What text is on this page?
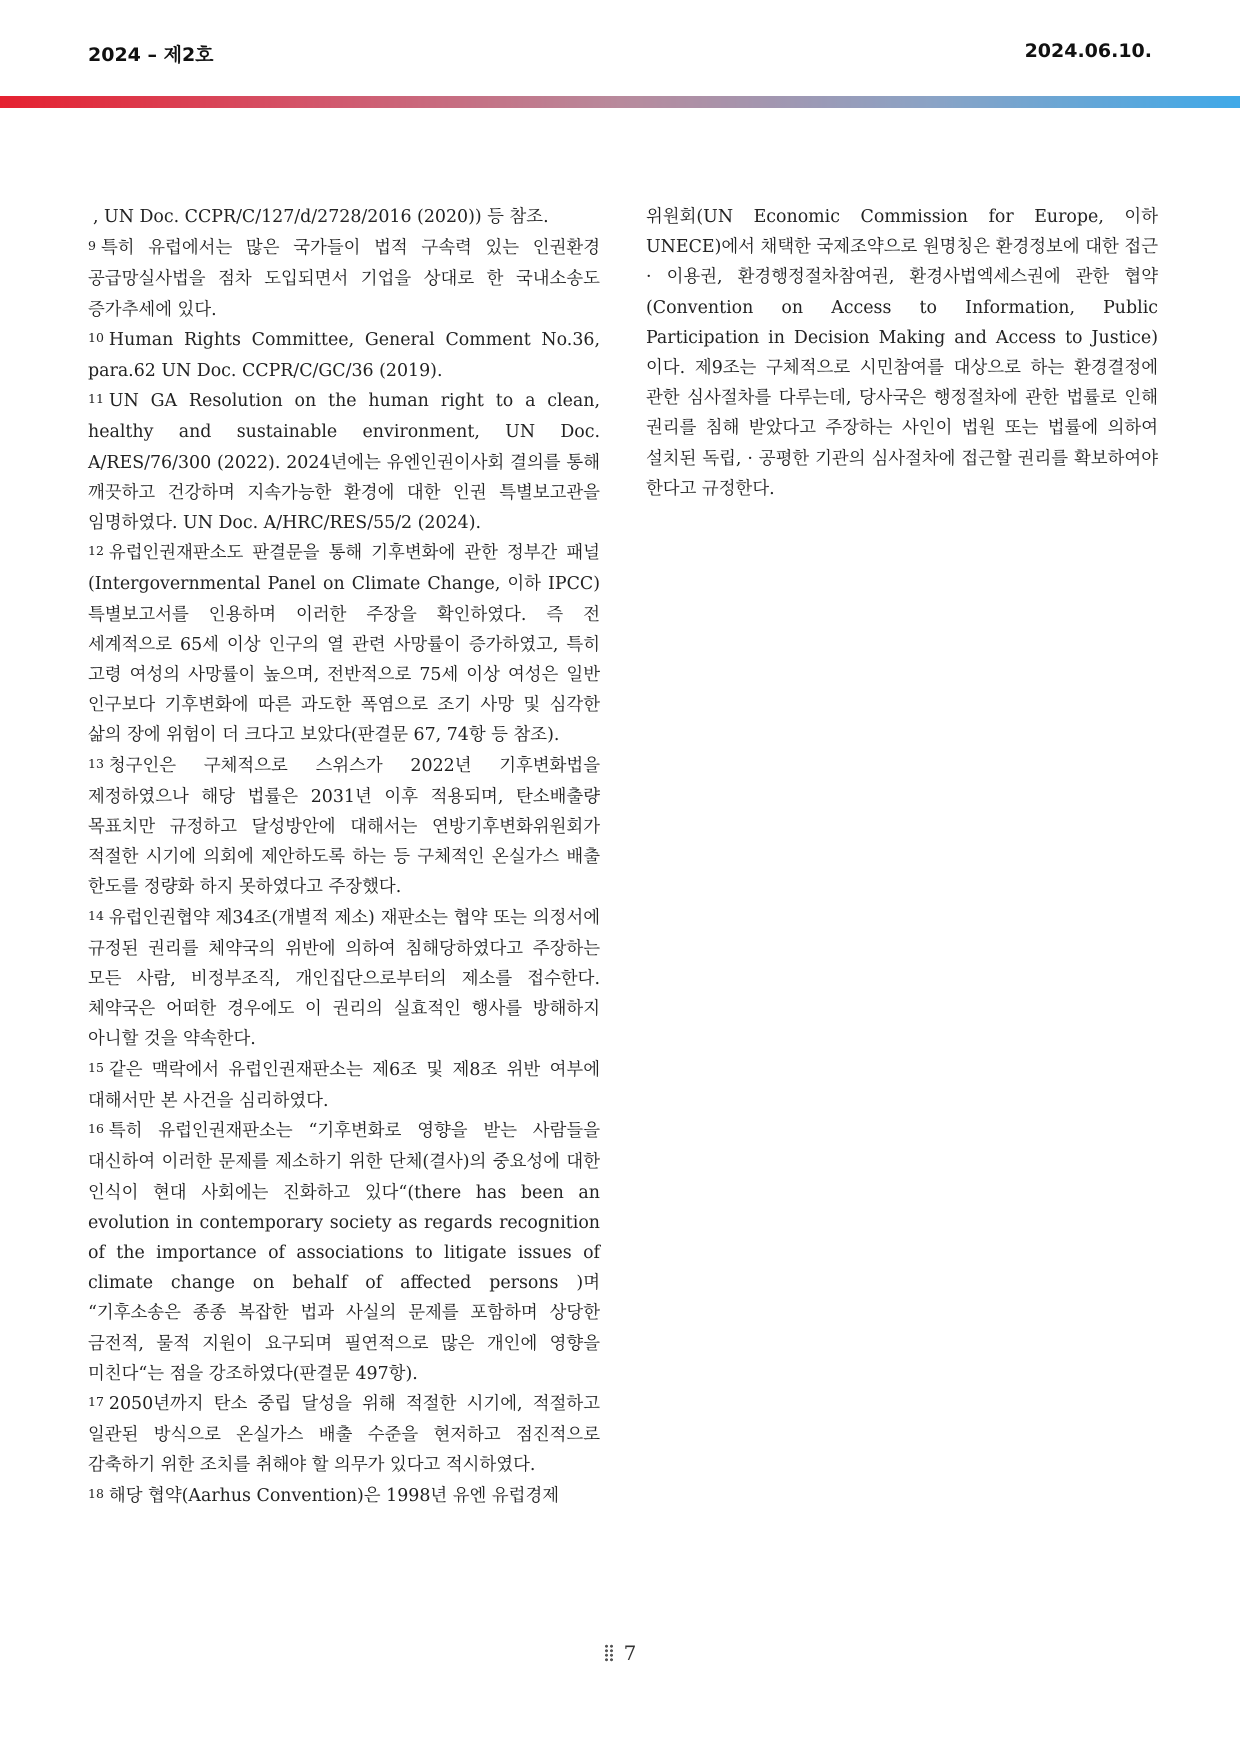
2024 – 제2호	2024.06.10.

, UN Doc. CCPR/C/127/d/2728/2016 (2020)) 등 참조.

9 특히 유럽에서는 많은 국가들이 법적 구속력 있는 인권환경 공급망실사법을 점차 도입되면서 기업을 상대로 한 국내소송도 증가추세에 있다.

10 Human Rights Committee, General Comment No.36, para.62 UN Doc. CCPR/C/GC/36 (2019).

11 UN GA Resolution on the human right to a clean, healthy and sustainable environment, UN Doc. A/RES/76/300 (2022). 2024년에는 유엔인권이사회 결의를 통해 깨끗하고 건강하며 지속가능한 환경에 대한 인권 특별보고관을 임명하였다. UN Doc. A/HRC/RES/55/2 (2024).

12 유럽인권재판소도 판결문을 통해 기후변화에 관한 정부간 패널(Intergovernmental Panel on Climate Change, 이하 IPCC) 특별보고서를 인용하며 이러한 주장을 확인하였다. 즉 전 세계적으로 65세 이상 인구의 열 관련 사망률이 증가하였고, 특히 고령 여성의 사망률이 높으며, 전반적으로 75세 이상 여성은 일반 인구보다 기후변화에 따른 과도한 폭염으로 조기 사망 및 심각한 삶의 장에 위험이 더 크다고 보았다(판결문 67, 74항 등 참조).

13 청구인은 구체적으로 스위스가 2022년 기후변화법을 제정하였으나 해당 법률은 2031년 이후 적용되며, 탄소배출량 목표치만 규정하고 달성방안에 대해서는 연방기후변화위원회가 적절한 시기에 의회에 제안하도록 하는 등 구체적인 온실가스 배출 한도를 정량화 하지 못하였다고 주장했다.

14 유럽인권협약 제34조(개별적 제소) 재판소는 협약 또는 의정서에 규정된 권리를 체약국의 위반에 의하여 침해당하였다고 주장하는 모든 사람, 비정부조직, 개인집단으로부터의 제소를 접수한다. 체약국은 어떠한 경우에도 이 권리의 실효적인 행사를 방해하지 아니할 것을 약속한다.

15 같은 맥락에서 유럽인권재판소는 제6조 및 제8조 위반 여부에 대해서만 본 사건을 심리하였다.

16 특히 유럽인권재판소는 “기후변화로 영향을 받는 사람들을 대신하여 이러한 문제를 제소하기 위한 단체(결사)의 중요성에 대한 인식이 현대 사회에는 진화하고 있다“(there has been an evolution in contemporary society as regards recognition of the importance of associations to litigate issues of climate change on behalf of affected persons )며 “기후소송은 종종 복잡한 법과 사실의 문제를 포함하며 상당한 금전적, 물적 지원이 요구되며 필연적으로 많은 개인에 영향을 미친다“는 점을 강조하였다(판결문 497항).

17 2050년까지 탄소 중립 달성을 위해 적절한 시기에, 적절하고 일관된 방식으로 온실가스 배출 수준을 현저하고 점진적으로 감축하기 위한 조치를 취해야 할 의무가 있다고 적시하였다.

18 해당 협약(Aarhus Convention)은 1998년 유엔 유럽경제

위원회(UN Economic Commission for Europe, 이하 UNECE)에서 채택한 국제조약으로 원명칭은 환경정보에 대한 접근 · 이용권, 환경행정절차참여권, 환경사법엑세스권에 관한 협약(Convention on Access to Information, Public Participation in Decision Making and Access to Justice)이다. 제9조는 구체적으로 시민참여를 대상으로 하는 환경결정에 관한 심사절차를 다루는데, 당사국은 행정절차에 관한 법률로 인해 권리를 침해 받았다고 주장하는 사인이 법원 또는 법률에 의하여 설치된 독립, · 공평한 기관의 심사절차에 접근할 권리를 확보하여야 한다고 규정한다.

7
